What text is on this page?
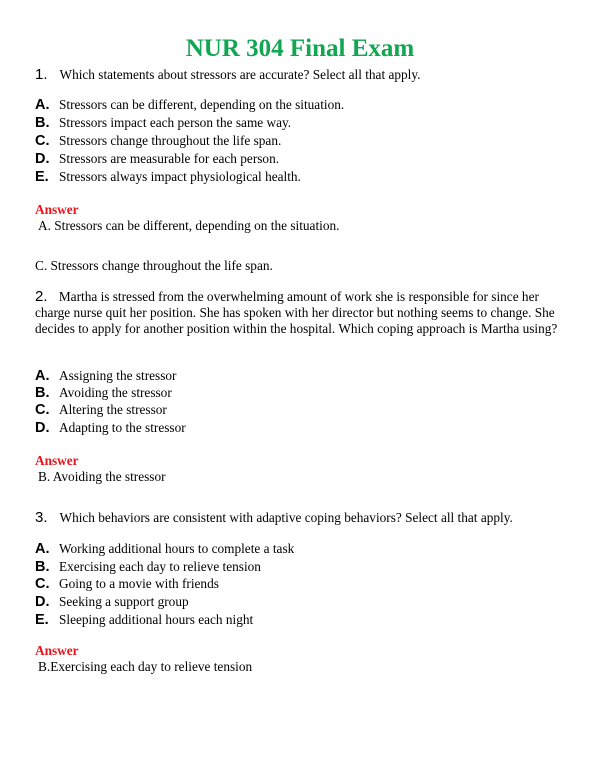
NUR 304 Final Exam
1. Which statements about stressors are accurate? Select all that apply.
A. Stressors can be different, depending on the situation.
B. Stressors impact each person the same way.
C. Stressors change throughout the life span.
D. Stressors are measurable for each person.
E. Stressors always impact physiological health.
Answer
A. Stressors can be different, depending on the situation.
C. Stressors change throughout the life span.
2. Martha is stressed from the overwhelming amount of work she is responsible for since her charge nurse quit her position. She has spoken with her director but nothing seems to change. She decides to apply for another position within the hospital. Which coping approach is Martha using?
A. Assigning the stressor
B. Avoiding the stressor
C. Altering the stressor
D. Adapting to the stressor
Answer
B. Avoiding the stressor
3. Which behaviors are consistent with adaptive coping behaviors? Select all that apply.
A. Working additional hours to complete a task
B. Exercising each day to relieve tension
C. Going to a movie with friends
D. Seeking a support group
E. Sleeping additional hours each night
Answer
B.Exercising each day to relieve tension
